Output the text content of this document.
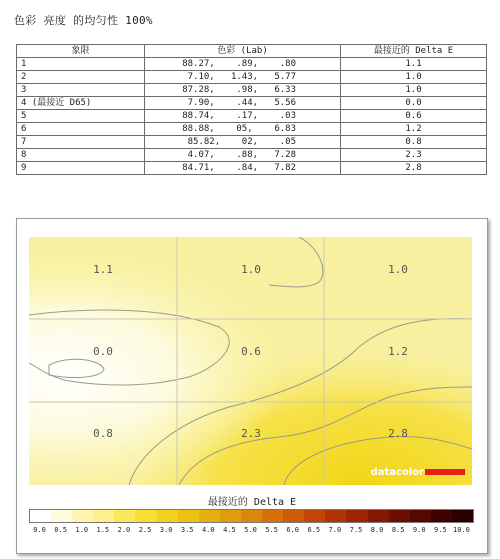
色彩 亮度 的均匀性 100%
象限	色彩 (Lab)	最接近的 Delta E
1	88.27,    .89,    .80	1.1
2	7.10,   1.43,   5.77	1.0
3	87.28,    .98,   6.33	1.0
4 (最接近 D65)	7.90,    .44,   5.56	0.0
5	88.74,    .17,    .03	0.6
6	88.88,    05,    6.83	1.2
7	85.82,    02,    .05	0.8
8	4.07,    .88,   7.28	2.3
9	84.71,    .84,   7.82	2.8
1.1	1.0	1.0
0.0	0.6	1.2
0.8	2.3	2.8
datacolor
最接近的 Delta E
0.0	0.5	1.0	1.5	2.0	2.5	3.0	3.5	4.0	4.5	5.0	5.5	6.0	6.5	7.0	7.5	8.0	8.5	9.0	9.5 10.0
